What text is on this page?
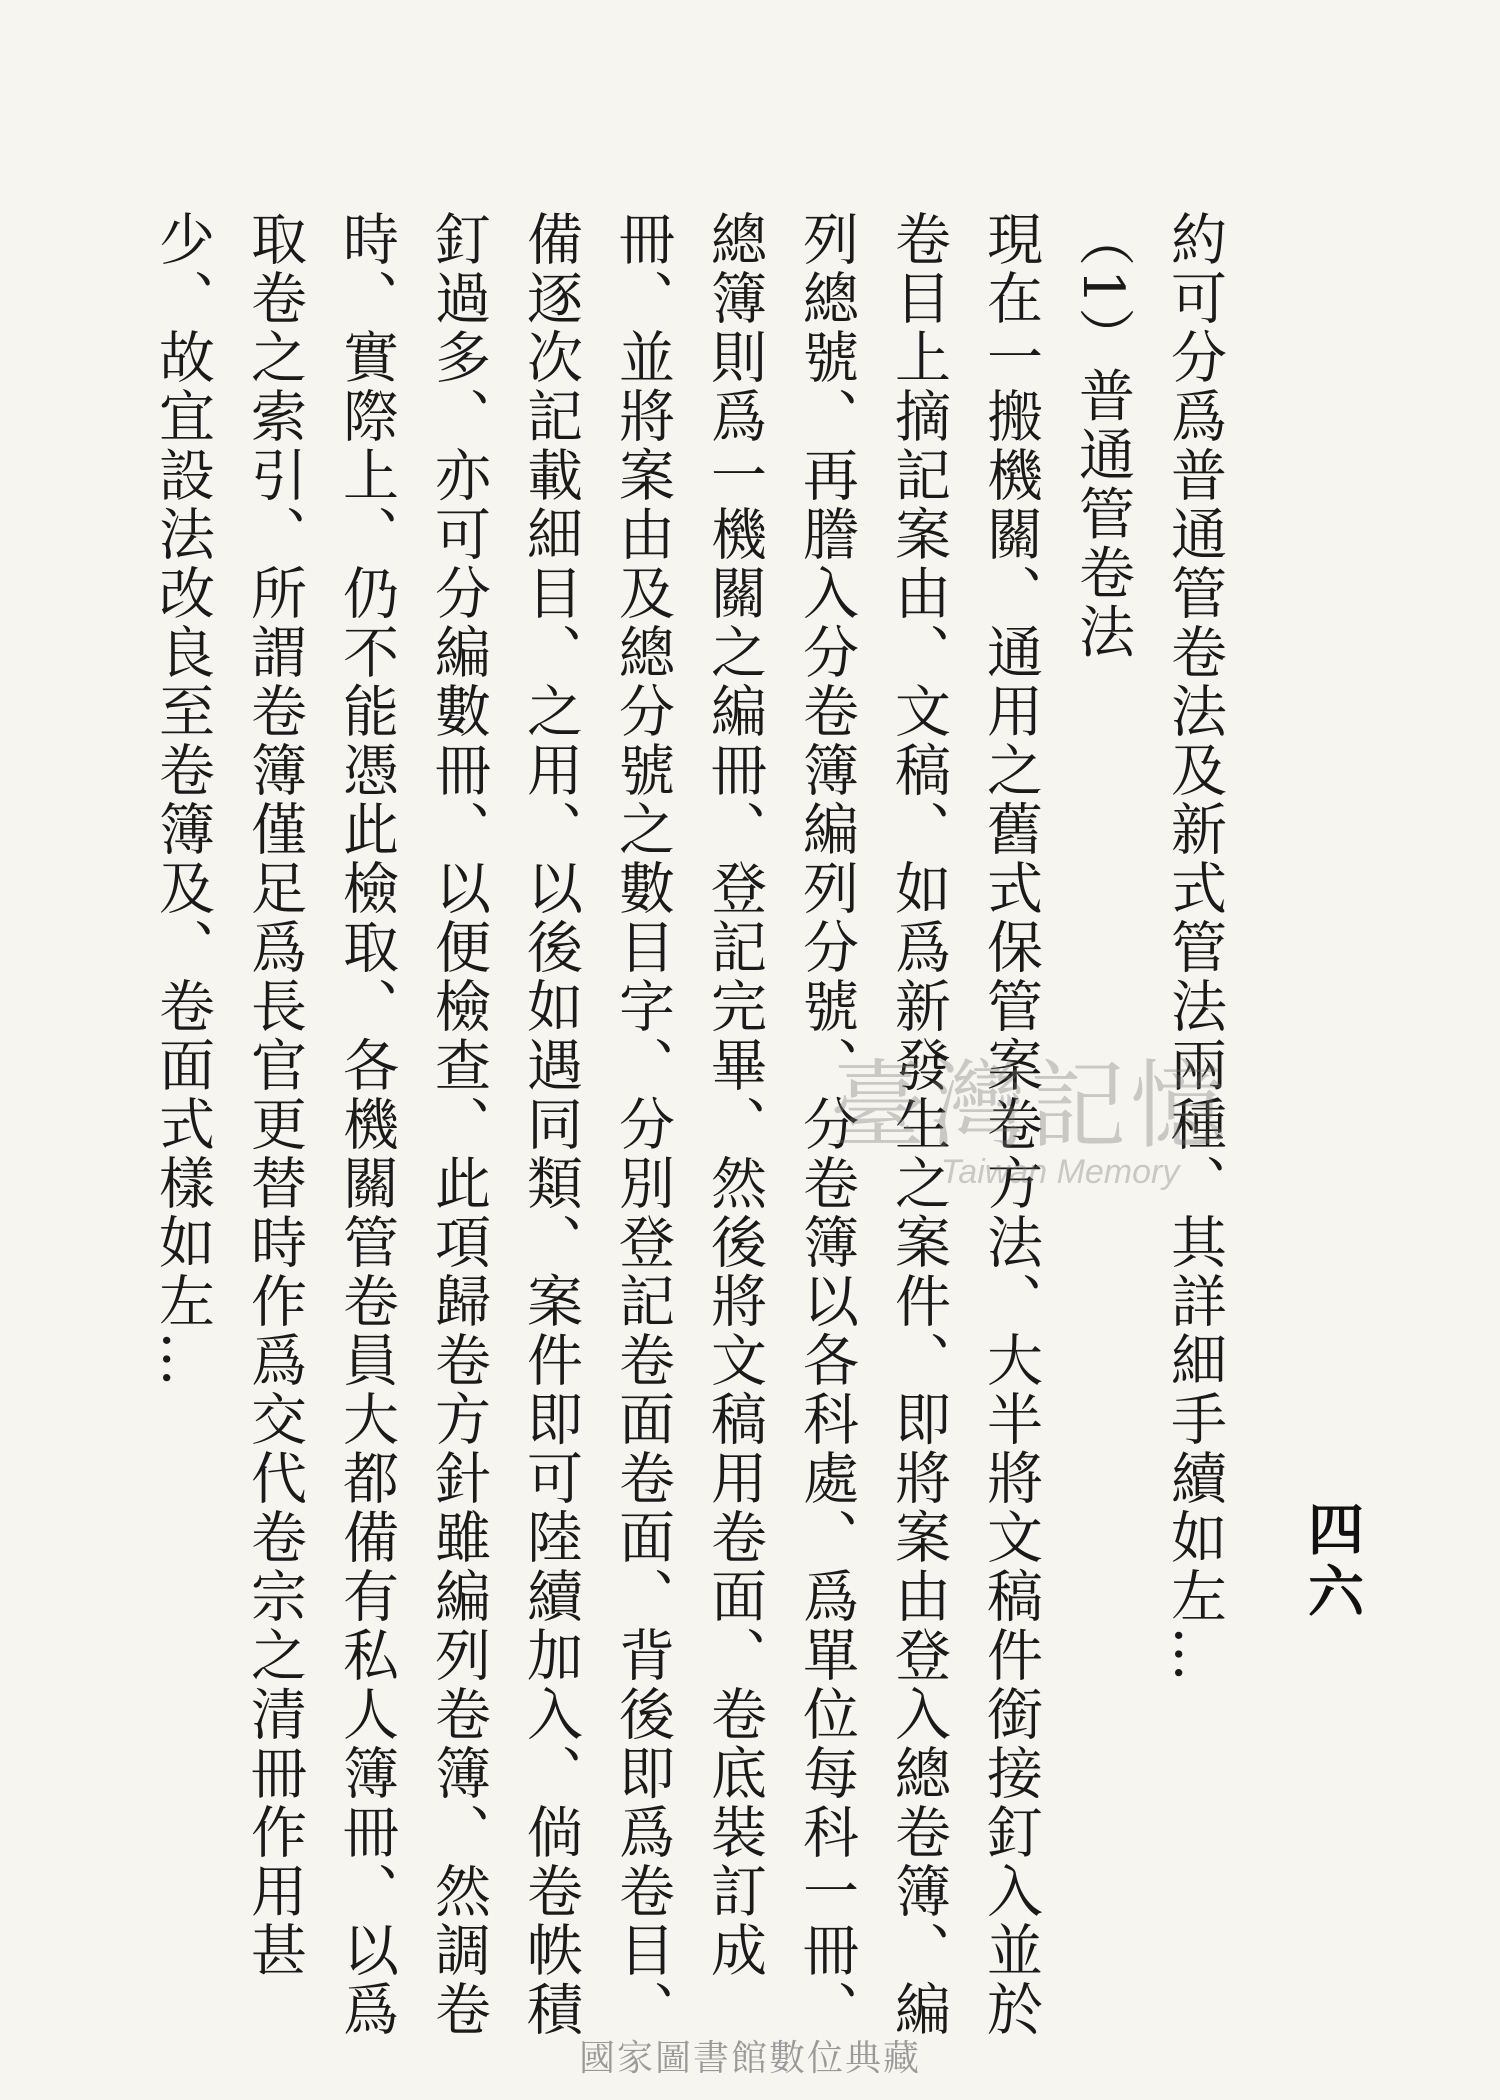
四六

約可分爲普通管卷法及新式管法兩種、其詳細手續如左…

（1）普通管卷法

現在一搬機關、通用之舊式保管案卷方法、大半將文稿件銜接釘入並於卷目上摘記案由、文稿、如爲新發生之案件、即將案由登入總卷簿、編列總號、再謄入分卷簿編列分號、分卷簿以各科處、爲單位每科一冊、總簿則爲一機關之編冊、登記完畢、然後將文稿用卷面、卷底裝訂成冊、並將案由及總分號之數目字、分別登記卷面卷面、背後即爲卷目、備逐次記載細目、之用、以後如遇同類、案件即可陸續加入、倘卷帙積釘過多、亦可分編數冊、以便檢查、此項歸卷方針雖編列卷簿、然調卷時、實際上、仍不能憑此檢取、各機關管卷員大都備有私人簿冊、以爲取卷之索引、所謂卷簿僅足爲長官更替時作爲交代卷宗之清冊作用甚少、故宜設法改良至卷簿及、卷面式樣如左…	臺灣記憶
Taiwan Memory
國家圖書館數位典藏
